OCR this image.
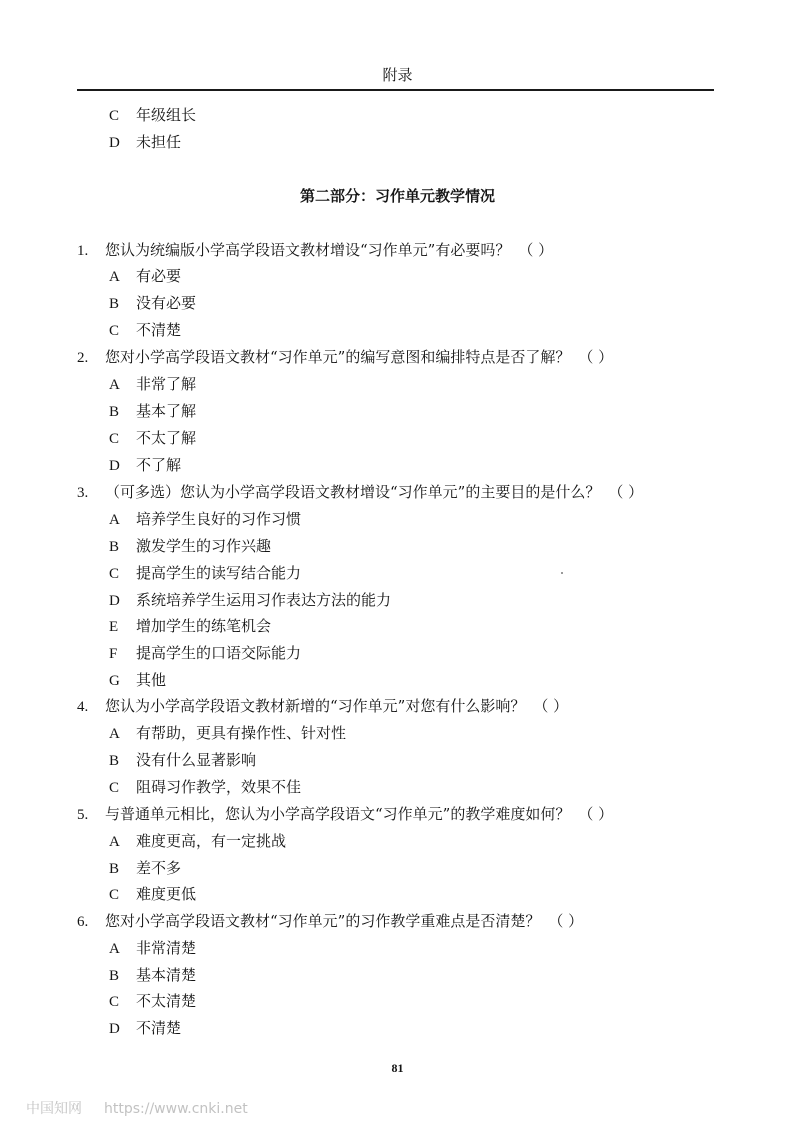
附录
C 年级组长
D 未担任
第二部分：习作单元教学情况
1. 您认为统编版小学高学段语文教材增设“习作单元”有必要吗？ （ ）
A 有必要
B 没有必要
C 不清楚
2. 您对小学高学段语文教材“习作单元”的编写意图和编排特点是否了解？ （ ）
A 非常了解
B 基本了解
C 不太了解
D 不了解
3. （可多选）您认为小学高学段语文教材增设“习作单元”的主要目的是什么？ （ ）
A 培养学生良好的习作习惯
B 激发学生的习作兴趣
C 提高学生的读写结合能力
D 系统培养学生运用习作表达方法的能力
E 增加学生的练笔机会
F 提高学生的口语交际能力
G 其他
4. 您认为小学高学段语文教材新增的“习作单元”对您有什么影响？ （ ）
A 有帮助，更具有操作性、针对性
B 没有什么显著影响
C 阻碍习作教学，效果不佳
5. 与普通单元相比，您认为小学高学段语文“习作单元”的教学难度如何？ （ ）
A 难度更高，有一定挑战
B 差不多
C 难度更低
6. 您对小学高学段语文教材“习作单元”的习作教学重难点是否清楚？ （ ）
A 非常清楚
B 基本清楚
C 不太清楚
D 不清楚
81
中国知网 https://www.cnki.net
